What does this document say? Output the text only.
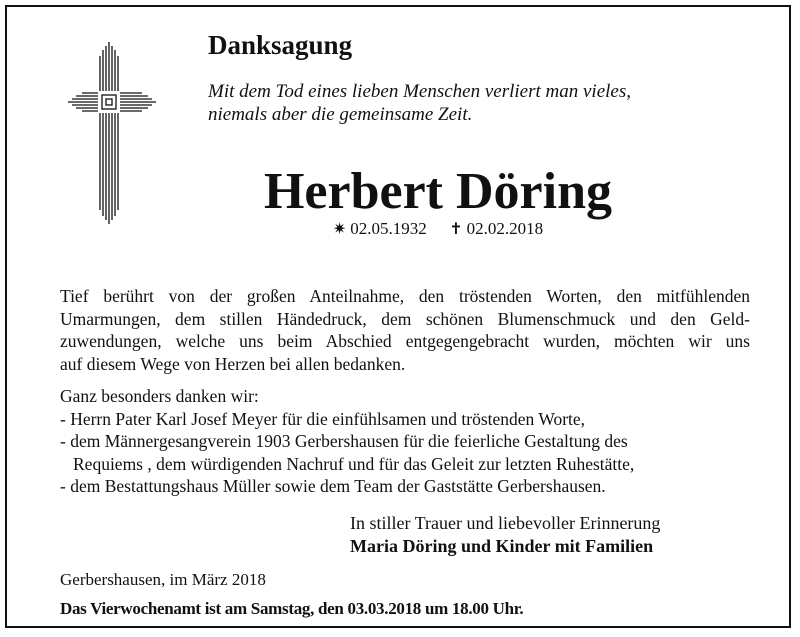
Danksagung
Mit dem Tod eines lieben Menschen verliert man vieles,
niemals aber die gemeinsame Zeit.
Herbert Döring
✷ 02.05.1932 ✝ 02.02.2018
Tief berührt von der großen Anteilnahme, den tröstenden Worten, den mitfühlenden
Umarmungen, dem stillen Händedruck, dem schönen Blumenschmuck und den Geld-
zuwendungen, welche uns beim Abschied entgegengebracht wurden, möchten wir uns
auf diesem Wege von Herzen bei allen bedanken.
Ganz besonders danken wir:
- Herrn Pater Karl Josef Meyer für die einfühlsamen und tröstenden Worte,
- dem Männergesangverein 1903 Gerbershausen für die feierliche Gestaltung des
Requiems , dem würdigenden Nachruf und für das Geleit zur letzten Ruhestätte,
- dem Bestattungshaus Müller sowie dem Team der Gaststätte Gerbershausen.
In stiller Trauer und liebevoller Erinnerung
Maria Döring und Kinder mit Familien
Gerbershausen, im März 2018
Das Vierwochenamt ist am Samstag, den 03.03.2018 um 18.00 Uhr.
